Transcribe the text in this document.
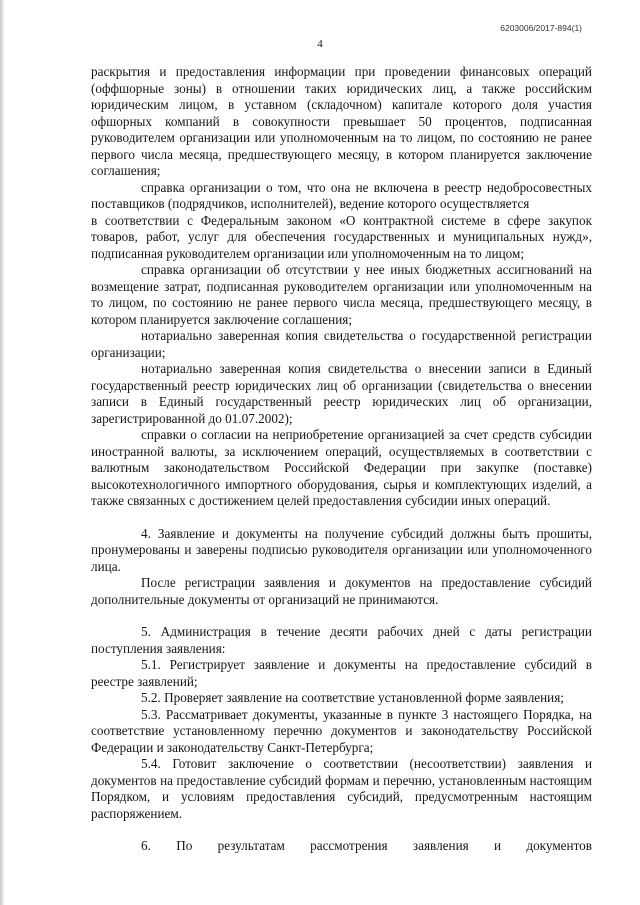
6203006/2017-894(1)
4

раскрытия и предоставления информации при проведении финансовых операций (оффшорные зоны) в отношении таких юридических лиц, а также российским юридическим лицом, в уставном (складочном) капитале которого доля участия офшорных компаний в совокупности превышает 50 процентов, подписанная руководителем организации или уполномоченным на то лицом, по состоянию не ранее первого числа месяца, предшествующего месяцу, в котором планируется заключение соглашения;

справка организации о том, что она не включена в реестр недобросовестных поставщиков (подрядчиков, исполнителей), ведение которого осуществляется

в соответствии с Федеральным законом «О контрактной системе в сфере закупок товаров, работ, услуг для обеспечения государственных и муниципальных нужд», подписанная руководителем организации или уполномоченным на то лицом;

справка организации об отсутствии у нее иных бюджетных ассигнований на возмещение затрат, подписанная руководителем организации или уполномоченным на то лицом, по состоянию не ранее первого числа месяца, предшествующего месяцу, в котором планируется заключение соглашения;

нотариально заверенная копия свидетельства о государственной регистрации организации;

нотариально заверенная копия свидетельства о внесении записи в Единый государственный реестр юридических лиц об организации (свидетельства о внесении записи в Единый государственный реестр юридических лиц об организации, зарегистрированной до 01.07.2002);

справки о согласии на неприобретение организацией за счет средств субсидии иностранной валюты, за исключением операций, осуществляемых в соответствии с валютным законодательством Российской Федерации при закупке (поставке) высокотехнологичного импортного оборудования, сырья и комплектующих изделий, а также связанных с достижением целей предоставления субсидии иных операций.

4. Заявление и документы на получение субсидий должны быть прошиты, пронумерованы и заверены подписью руководителя организации или уполномоченного лица.

После регистрации заявления и документов на предоставление субсидий дополнительные документы от организаций не принимаются.

5. Администрация в течение десяти рабочих дней с даты регистрации поступления заявления:

5.1. Регистрирует заявление и документы на предоставление субсидий в реестре заявлений;

5.2. Проверяет заявление на соответствие установленной форме заявления;

5.3. Рассматривает документы, указанные в пункте 3 настоящего Порядка, на соответствие установленному перечню документов и законодательству Российской Федерации и законодательству Санкт-Петербурга;

5.4. Готовит заключение о соответствии (несоответствии) заявления и документов на предоставление субсидий формам и перечню, установленным настоящим Порядком, и условиям предоставления субсидий, предусмотренным настоящим распоряжением.

6. По результатам рассмотрения заявления и документов
